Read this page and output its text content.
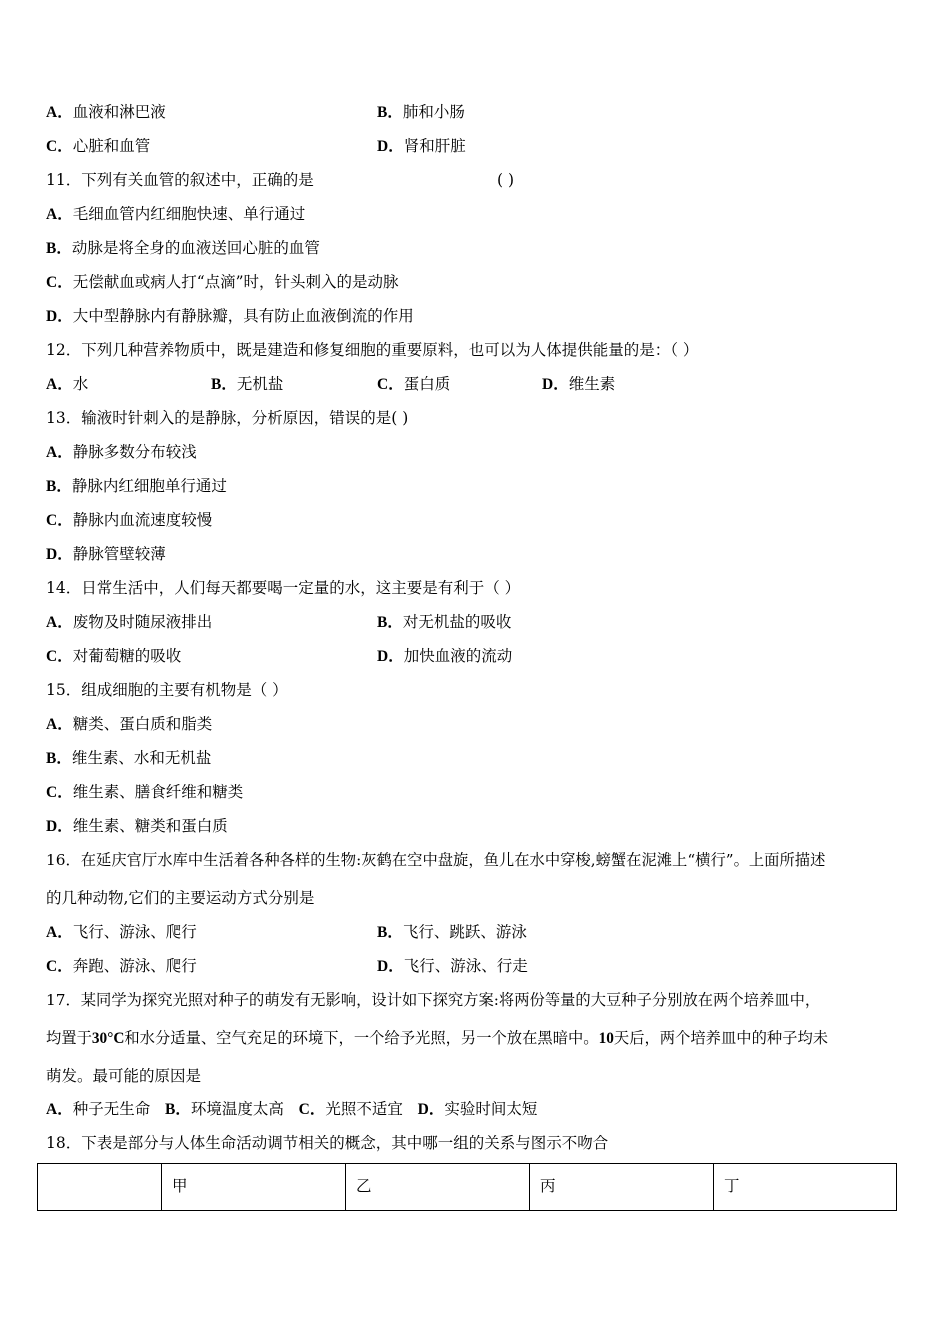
A．血液和淋巴液	B．肺和小肠
C．心脏和血管	D．肾和肝脏
11．下列有关血管的叙述中，正确的是	( )
A．毛细血管内红细胞快速、单行通过
B．动脉是将全身的血液送回心脏的血管
C．无偿献血或病人打“点滴”时，针头刺入的是动脉
D．大中型静脉内有静脉瓣，具有防止血液倒流的作用
12．下列几种营养物质中，既是建造和修复细胞的重要原料，也可以为人体提供能量的是：（ ）
A．水	B．无机盐	C．蛋白质	D．维生素
13．输液时针刺入的是静脉，分析原因，错误的是( )
A．静脉多数分布较浅
B．静脉内红细胞单行通过
C．静脉内血流速度较慢
D．静脉管壁较薄
14．日常生活中，人们每天都要喝一定量的水，这主要是有利于（ ）
A．废物及时随尿液排出	B．对无机盐的吸收
C．对葡萄糖的吸收	D．加快血液的流动
15．组成细胞的主要有机物是（ ）
A．糖类、蛋白质和脂类
B．维生素、水和无机盐
C．维生素、膳食纤维和糖类
D．维生素、糖类和蛋白质
16．在延庆官厅水库中生活着各种各样的生物:灰鹤在空中盘旋，鱼儿在水中穿梭,螃蟹在泥滩上“横行”。上面所描述
的几种动物,它们的主要运动方式分别是
A．飞行、游泳、爬行	B．飞行、跳跃、游泳
C．奔跑、游泳、爬行	D．飞行、游泳、行走
17．某同学为探究光照对种子的萌发有无影响，设计如下探究方案:将两份等量的大豆种子分别放在两个培养皿中，
均置于30°C和水分适量、空气充足的环境下，一个给予光照，另一个放在黑暗中。10天后，两个培养皿中的种子均未
萌发。最可能的原因是
A．种子无生命 B．环境温度太高 C．光照不适宜 D．实验时间太短
18．下表是部分与人体生命活动调节相关的概念，其中哪一组的关系与图示不吻合
	甲	乙	丙	丁
